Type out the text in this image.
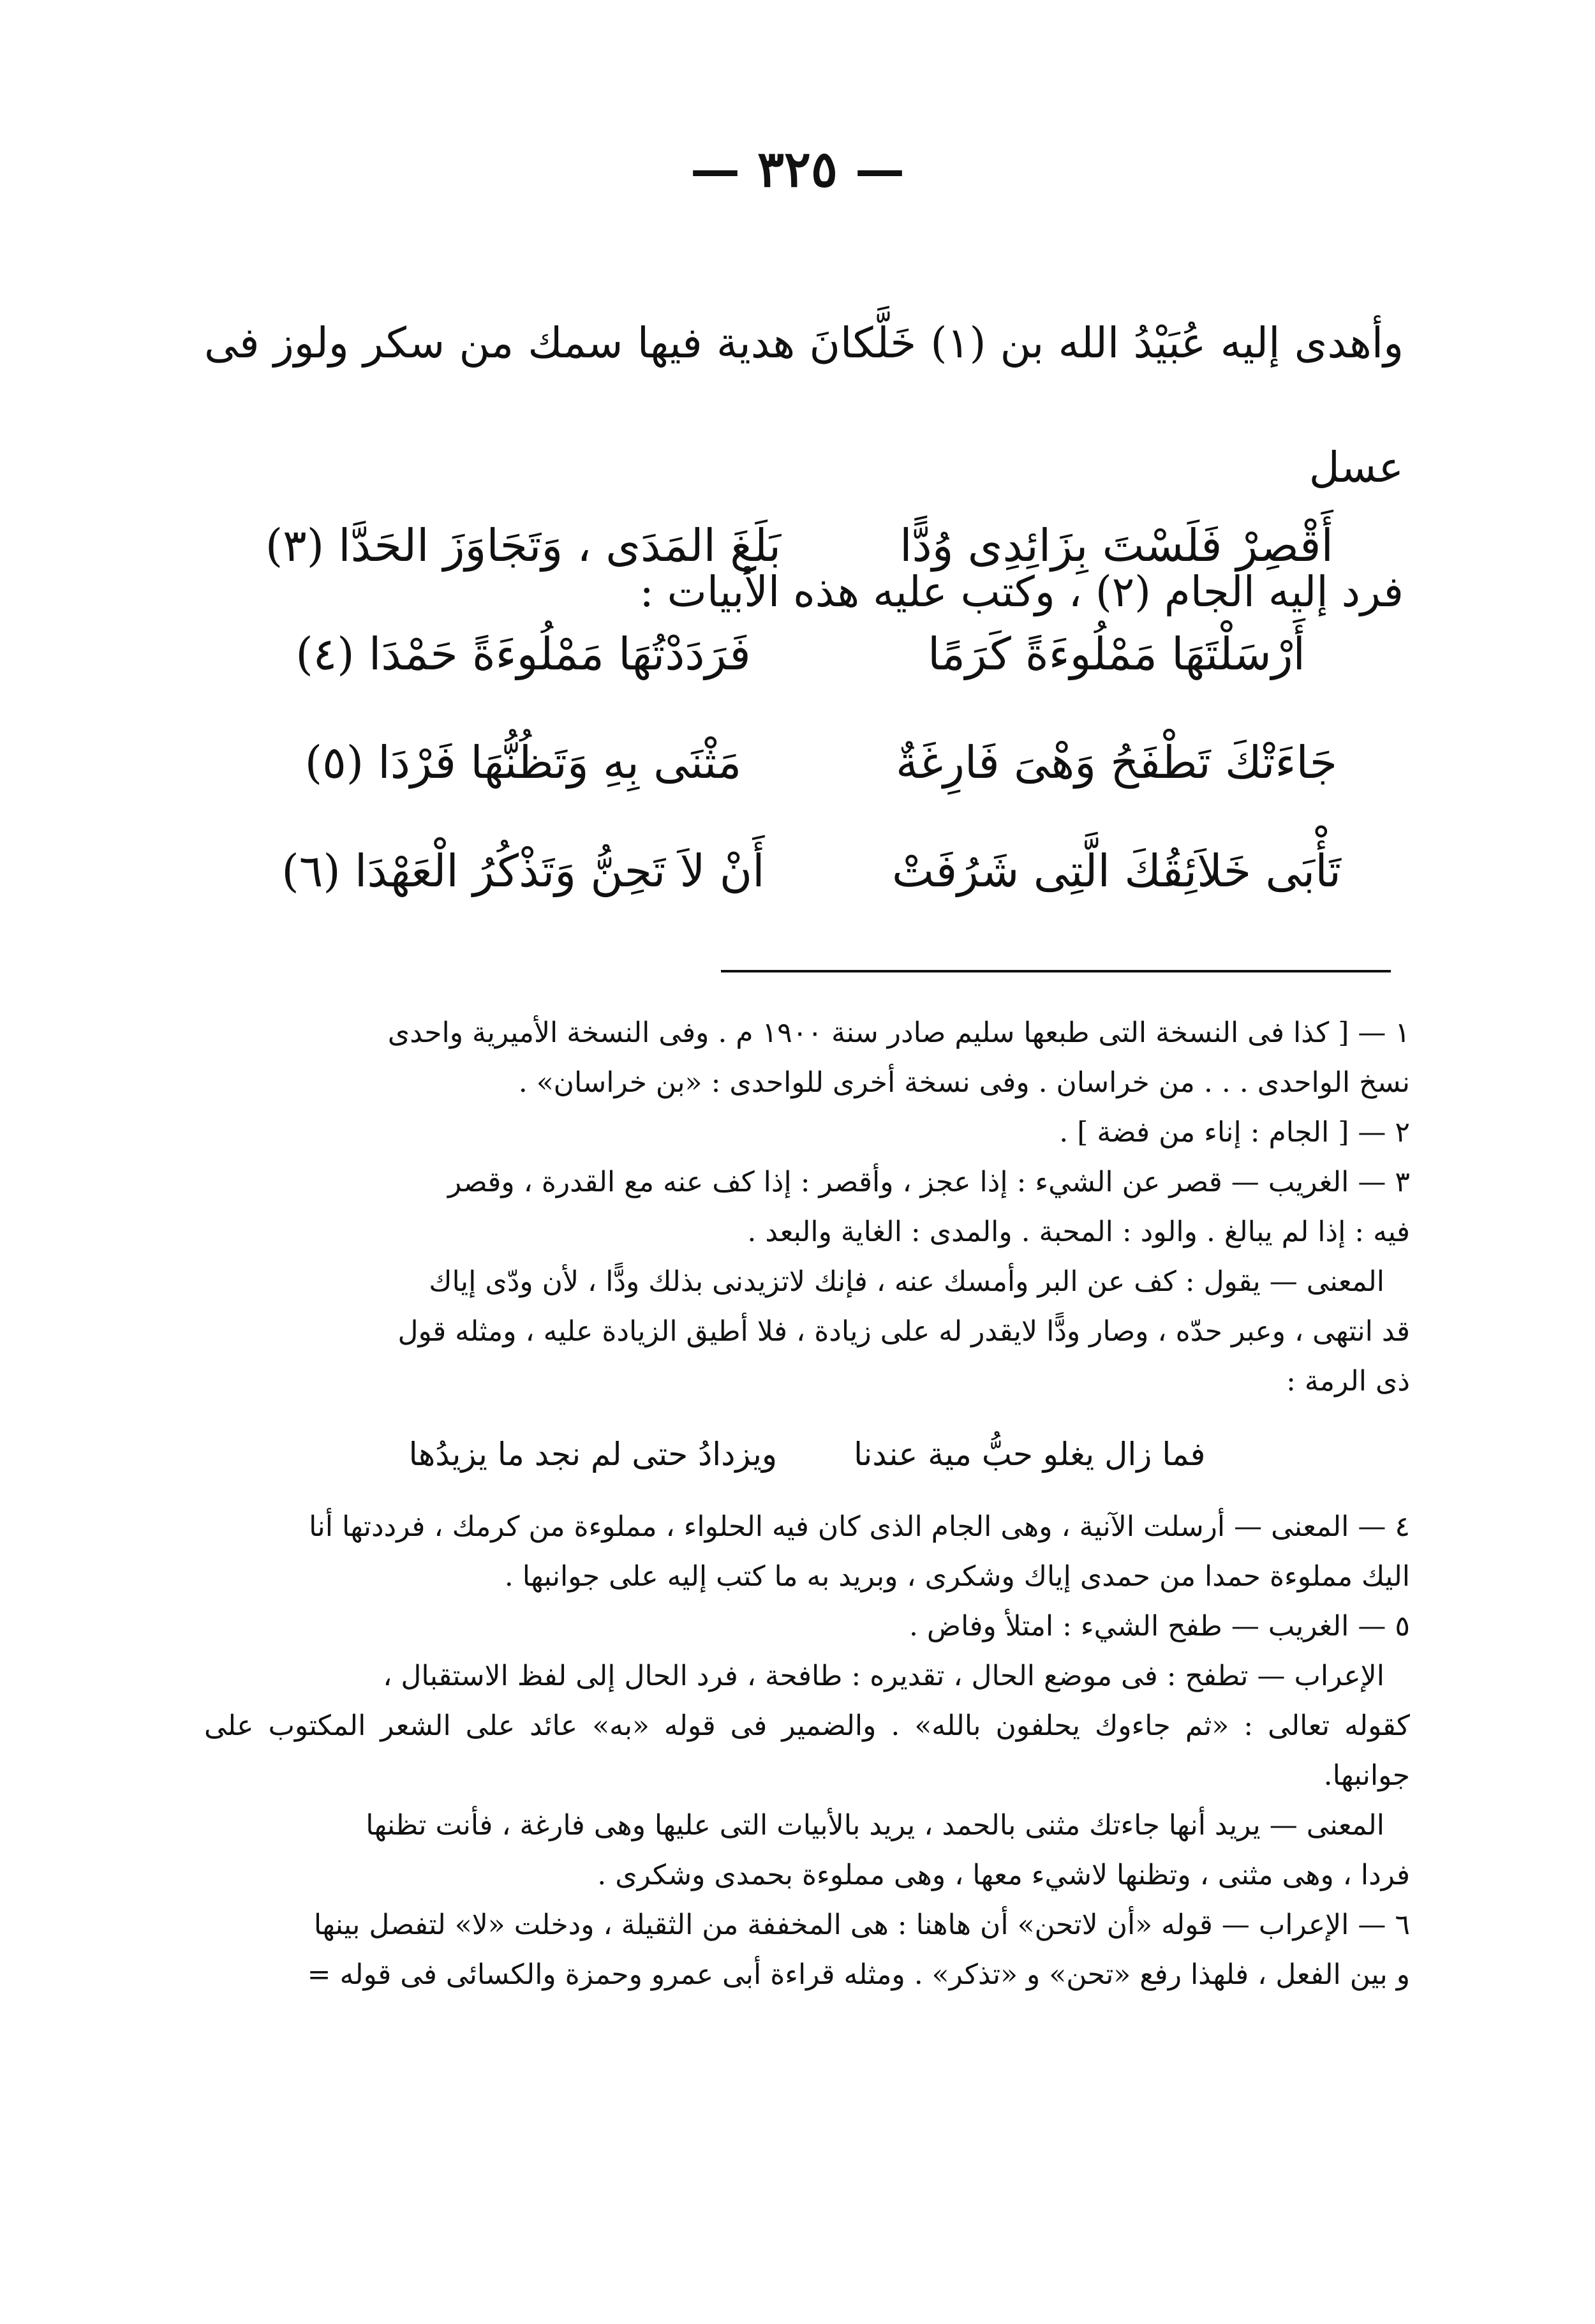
— ٣٢٥ —

وأهدى إليه عُبَيْدُ الله بن (١) خَلَّكانَ هدية فيها سمك من سكر ولوز فى عسل

فرد إليه الجام (٢) ، وكتب عليه هذه الأبيات :

أَقْصِرْ فَلَسْتَ بِزَائِدِى وُدًّا
بَلَغَ المَدَى ، وَتَجَاوَزَ الحَدَّا (٣)
أَرْسَلْتَهَا مَمْلُوءَةً كَرَمًا
فَرَدَدْتُهَا مَمْلُوءَةً حَمْدَا (٤)
جَاءَتْكَ تَطْفَحُ وَهْىَ فَارِغَةٌ
مَثْنَى بِهِ وَتَظُنُّهَا فَرْدَا (٥)
تَأْبَى خَلاَئِقُكَ الَّتِى شَرُفَتْ
أَنْ لاَ تَحِنُّ وَتَذْكُرُ الْعَهْدَا (٦)

١ — [ كذا فى النسخة التى طبعها سليم صادر سنة ١٩٠٠ م . وفى النسخة الأميرية واحدى

نسخ الواحدى . . . من خراسان . وفى نسخة أخرى للواحدى : «بن خراسان» .

٢ — [ الجام : إناء من فضة ] .

٣ — الغريب — قصر عن الشيء : إذا عجز ، وأقصر : إذا كف عنه مع القدرة ، وقصر

فيه : إذا لم يبالغ . والود : المحبة . والمدى : الغاية والبعد .

المعنى — يقول : كف عن البر وأمسك عنه ، فإنك لاتزيدنى بذلك ودًّا ، لأن ودّى إياك

قد انتهى ، وعبر حدّه ، وصار ودًّا لايقدر له على زيادة ، فلا أطيق الزيادة عليه ، ومثله قول

ذى الرمة :

فما زال يغلو حبُّ مية عندنا
ويزدادُ حتى لم نجد ما يزيدُها

٤ — المعنى — أرسلت الآنية ، وهى الجام الذى كان فيه الحلواء ، مملوءة من كرمك ، فرددتها أنا

اليك مملوءة حمدا من حمدى إياك وشكرى ، وبريد به ما كتب إليه على جوانبها .

٥ — الغريب — طفح الشيء : امتلأ وفاض .

الإعراب — تطفح : فى موضع الحال ، تقديره : طافحة ، فرد الحال إلى لفظ الاستقبال ،

كقوله تعالى : «ثم جاءوك يحلفون بالله» . والضمير فى قوله «به» عائد على الشعر المكتوب على جوانبها.

المعنى — يريد أنها جاءتك مثنى بالحمد ، يريد بالأبيات التى عليها وهى فارغة ، فأنت تظنها

فردا ، وهى مثنى ، وتظنها لاشيء معها ، وهى مملوءة بحمدى وشكرى .

٦ — الإعراب — قوله «أن لاتحن» أن هاهنا : هى المخففة من الثقيلة ، ودخلت «لا» لتفصل بينها

و بين الفعل ، فلهذا رفع «تحن» و «تذكر» . ومثله قراءة أبى عمرو وحمزة والكسائى فى قوله =
